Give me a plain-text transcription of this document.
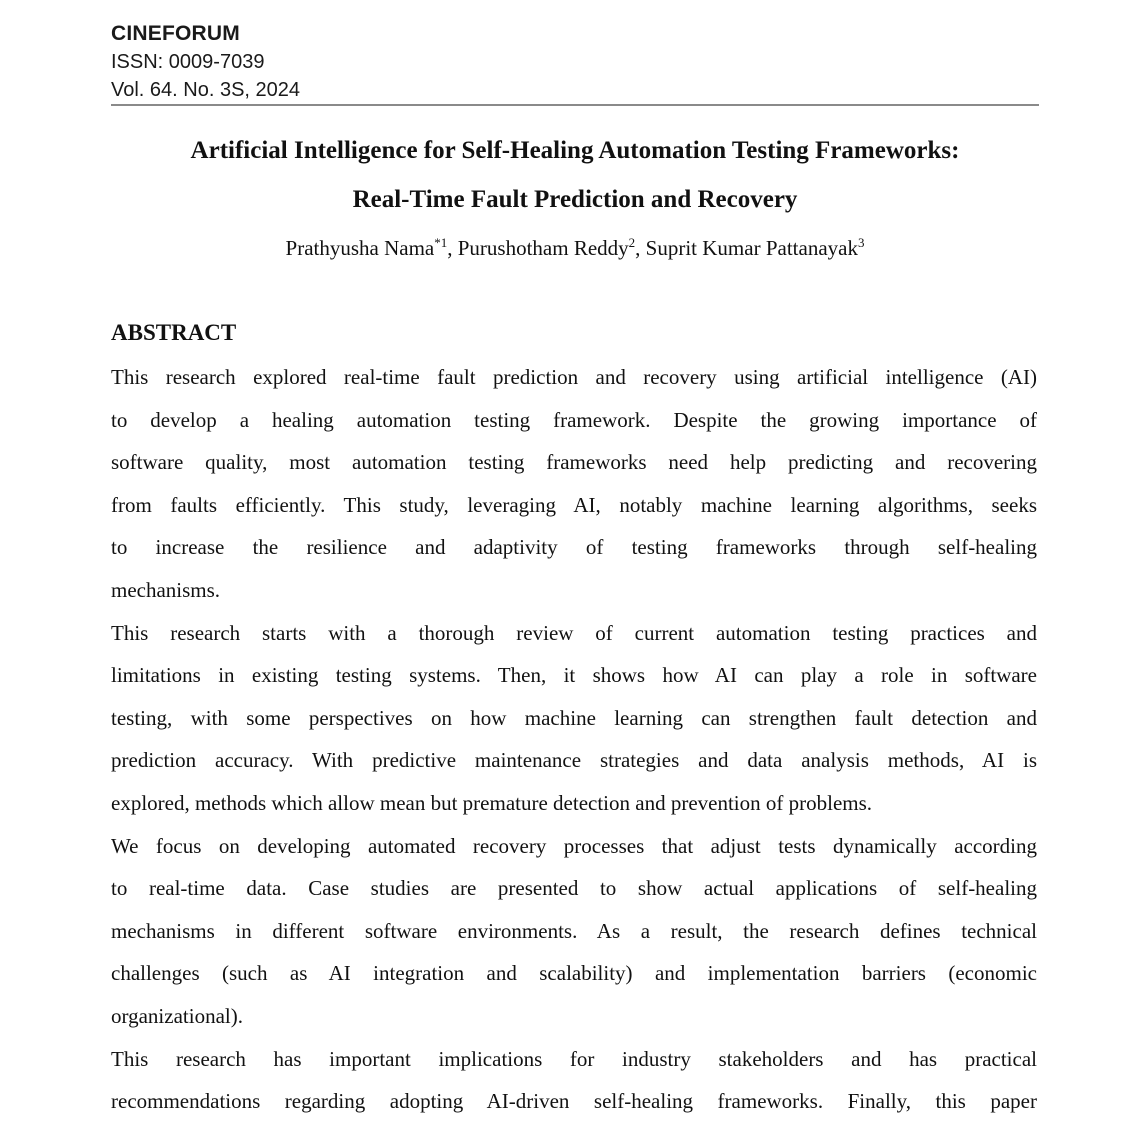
CINEFORUM
ISSN: 0009-7039
Vol. 64. No. 3S, 2024
Artificial Intelligence for Self-Healing Automation Testing Frameworks:
Real-Time Fault Prediction and Recovery
Prathyusha Nama$^{*1}$, Purushotham Reddy$^2$, Suprit Kumar Pattanayak$^3$
ABSTRACT
This research explored real-time fault prediction and recovery using artificial intelligence (AI)
to develop a healing automation testing framework. Despite the growing importance of
software quality, most automation testing frameworks need help predicting and recovering
from faults efficiently. This study, leveraging AI, notably machine learning algorithms, seeks
to increase the resilience and adaptivity of testing frameworks through self-healing
mechanisms.
This research starts with a thorough review of current automation testing practices and
limitations in existing testing systems. Then, it shows how AI can play a role in software
testing, with some perspectives on how machine learning can strengthen fault detection and
prediction accuracy. With predictive maintenance strategies and data analysis methods, AI is
explored, methods which allow mean but premature detection and prevention of problems.
We focus on developing automated recovery processes that adjust tests dynamically according
to real-time data. Case studies are presented to show actual applications of self-healing
mechanisms in different software environments. As a result, the research defines technical
challenges (such as AI integration and scalability) and implementation barriers (economic
organizational).
This research has important implications for industry stakeholders and has practical
recommendations regarding adopting AI-driven self-healing frameworks. Finally, this paper
